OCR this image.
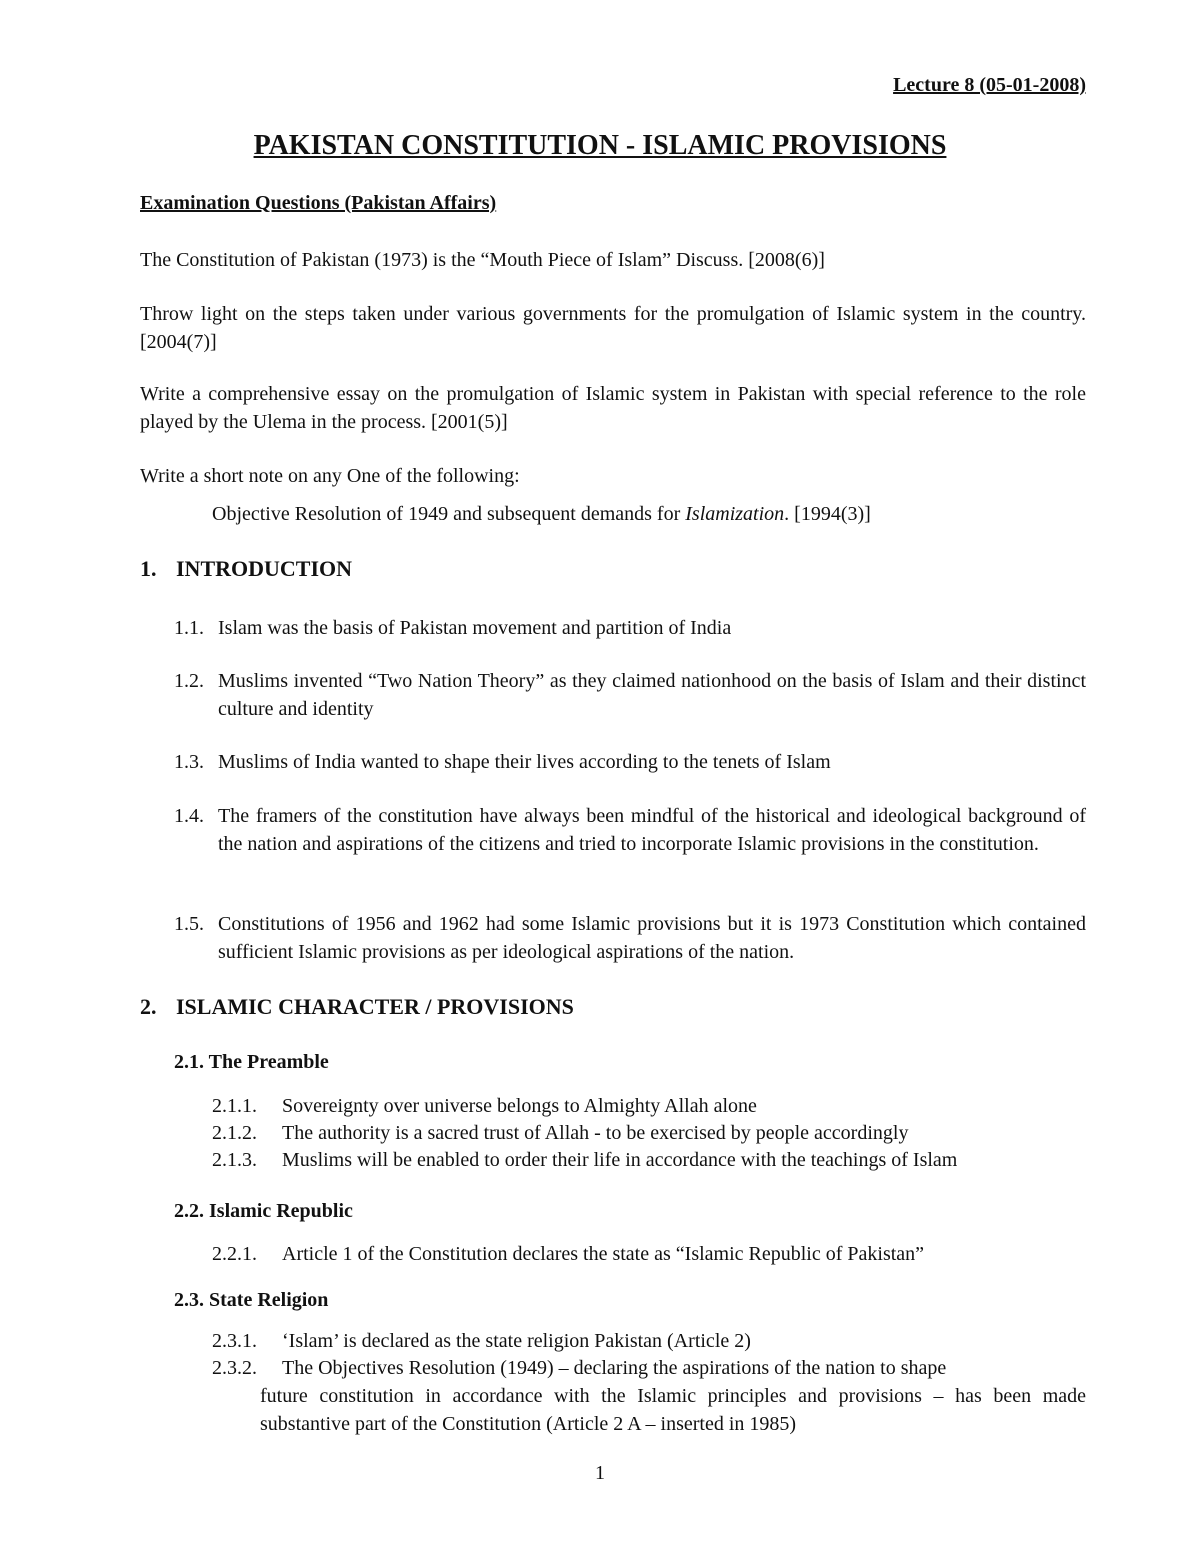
Lecture 8 (05-01-2008)
PAKISTAN CONSTITUTION - ISLAMIC PROVISIONS
Examination Questions (Pakistan Affairs)
The Constitution of Pakistan (1973) is the “Mouth Piece of Islam” Discuss. [2008(6)]
Throw light on the steps taken under various governments for the promulgation of Islamic system in the country. [2004(7)]
Write a comprehensive essay on the promulgation of Islamic system in Pakistan with special reference to the role played by the Ulema in the process. [2001(5)]
Write a short note on any One of the following:
Objective Resolution of 1949 and subsequent demands for Islamization. [1994(3)]
1. INTRODUCTION
1.1. Islam was the basis of Pakistan movement and partition of India
1.2. Muslims invented “Two Nation Theory” as they claimed nationhood on the basis of Islam and their distinct culture and identity
1.3. Muslims of India wanted to shape their lives according to the tenets of Islam
1.4. The framers of the constitution have always been mindful of the historical and ideological background of the nation and aspirations of the citizens and tried to incorporate Islamic provisions in the constitution.
1.5. Constitutions of 1956 and 1962 had some Islamic provisions but it is 1973 Constitution which contained sufficient Islamic provisions as per ideological aspirations of the nation.
2. ISLAMIC CHARACTER / PROVISIONS
2.1. The Preamble
2.1.1. Sovereignty over universe belongs to Almighty Allah alone
2.1.2. The authority is a sacred trust of Allah - to be exercised by people accordingly
2.1.3. Muslims will be enabled to order their life in accordance with the teachings of Islam
2.2. Islamic Republic
2.2.1. Article 1 of the Constitution declares the state as “Islamic Republic of Pakistan”
2.3. State Religion
2.3.1. ‘Islam’ is declared as the state religion Pakistan (Article 2)
2.3.2. The Objectives Resolution (1949) – declaring the aspirations of the nation to shape
future constitution in accordance with the Islamic principles and provisions – has been made substantive part of the Constitution (Article 2 A – inserted in 1985)
1
